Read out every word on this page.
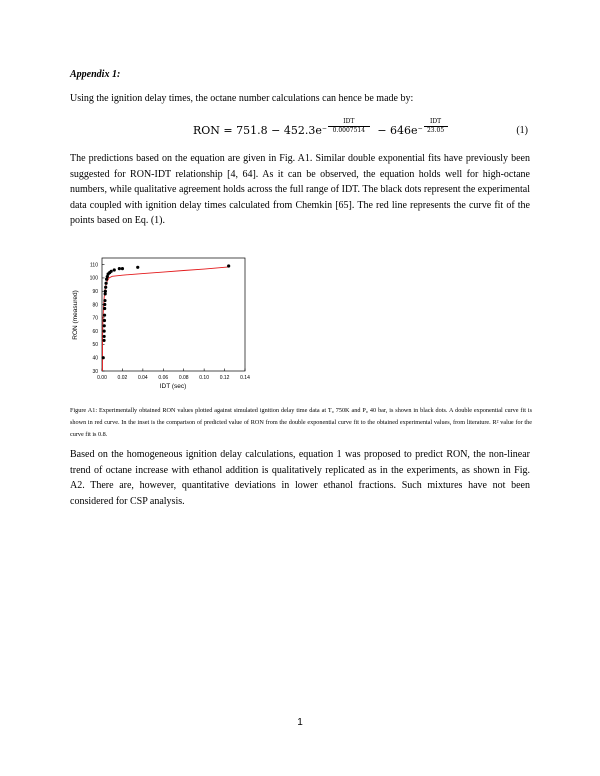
Appendix 1:
Using the ignition delay times, the octane number calculations can hence be made by:
RON = 751.8 − 452.3e
IDT
0.0007514
−	− 646e
IDT
23.05
−	(1)
The predictions based on the equation are given in Fig. A1. Similar double exponential fits have previously been suggested for RON-IDT relationship [4, 64]. As it can be observed, the equation holds well for high-octane numbers, while qualitative agreement holds across the full range of IDT. The black dots represent the experimental data coupled with ignition delay times calculated from Chemkin [65]. The red line represents the curve fit of the points based on Eq. (1).
0.00 0.02 0.04 0.06 0.08 0.10 0.12 0.14
30
40
50
60
70
80
90
100
110
IDT (sec)
RON (measured)
Figure A1: Experimentally obtained RON values plotted against simulated ignition delay time data at T₀ 750K and P₀ 40 bar, is shown in black dots. A double exponential curve fit is shown in red curve. In the inset is the comparison of predicted value of RON from the double exponential curve fit to the obtained experimental values, from literature. R² value for the curve fit is 0.8.
Based on the homogeneous ignition delay calculations, equation 1 was proposed to predict RON, the non-linear trend of octane increase with ethanol addition is qualitatively replicated as in the experiments, as shown in Fig. A2. There are, however, quantitative deviations in lower ethanol fractions. Such mixtures have not been considered for CSP analysis.
1
